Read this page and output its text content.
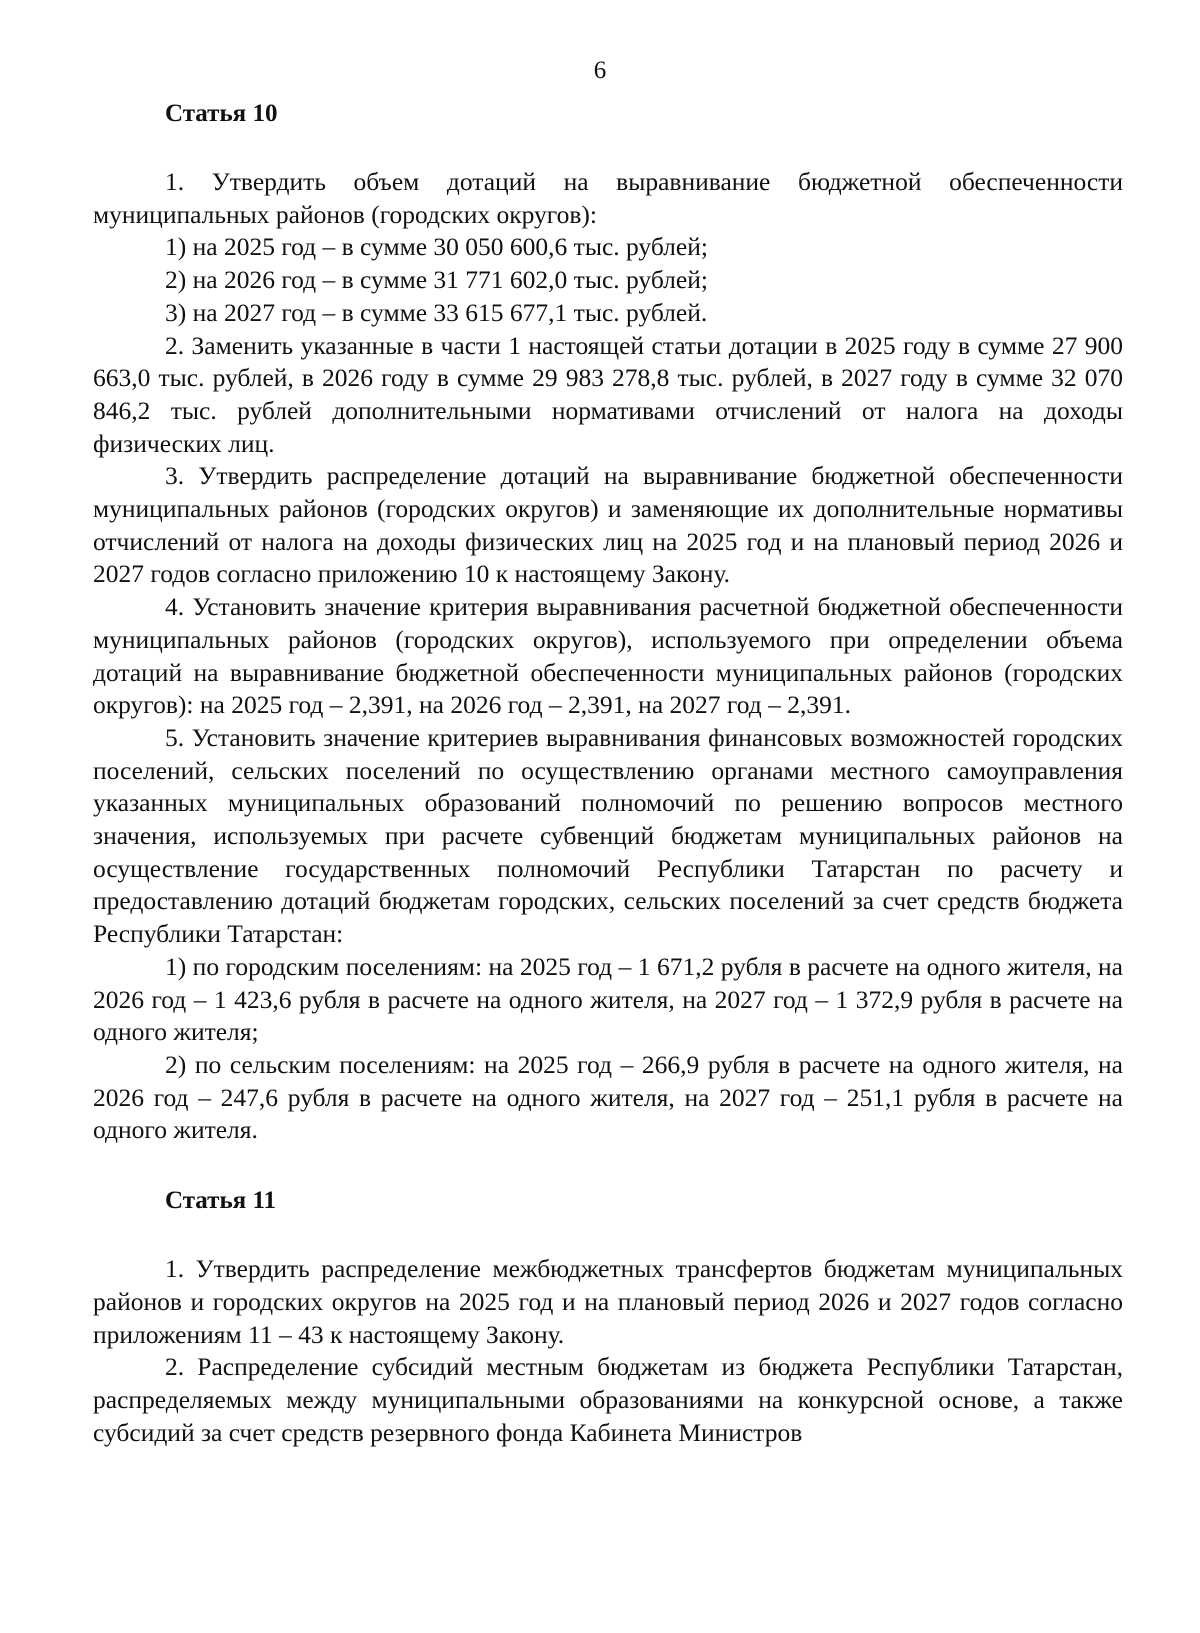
6
Статья 10

1. Утвердить объем дотаций на выравнивание бюджетной обеспеченности муниципальных районов (городских округов):

1) на 2025 год – в сумме 30 050 600,6 тыс. рублей;

2) на 2026 год – в сумме 31 771 602,0 тыс. рублей;

3) на 2027 год – в сумме 33 615 677,1 тыс. рублей.

2. Заменить указанные в части 1 настоящей статьи дотации в 2025 году в сумме 27 900 663,0 тыс. рублей, в 2026 году в сумме 29 983 278,8 тыс. рублей, в 2027 году в сумме 32 070 846,2 тыс. рублей дополнительными нормативами отчислений от налога на доходы физических лиц.

3. Утвердить распределение дотаций на выравнивание бюджетной обеспеченности муниципальных районов (городских округов) и заменяющие их дополнительные нормативы отчислений от налога на доходы физических лиц на 2025 год и на плановый период 2026 и 2027 годов согласно приложению 10 к настоящему Закону.

4. Установить значение критерия выравнивания расчетной бюджетной обеспеченности муниципальных районов (городских округов), используемого при определении объема дотаций на выравнивание бюджетной обеспеченности муниципальных районов (городских округов): на 2025 год – 2,391, на 2026 год – 2,391, на 2027 год – 2,391.

5. Установить значение критериев выравнивания финансовых возможностей городских поселений, сельских поселений по осуществлению органами местного самоуправления указанных муниципальных образований полномочий по решению вопросов местного значения, используемых при расчете субвенций бюджетам муниципальных районов на осуществление государственных полномочий Республики Татарстан по расчету и предоставлению дотаций бюджетам городских, сельских поселений за счет средств бюджета Республики Татарстан:

1) по городским поселениям: на 2025 год – 1 671,2 рубля в расчете на одного жителя, на 2026 год – 1 423,6 рубля в расчете на одного жителя, на 2027 год – 1 372,9 рубля в расчете на одного жителя;

2) по сельским поселениям: на 2025 год – 266,9 рубля в расчете на одного жителя, на 2026 год – 247,6 рубля в расчете на одного жителя, на 2027 год – 251,1 рубля в расчете на одного жителя.

Статья 11

1. Утвердить распределение межбюджетных трансфертов бюджетам муниципальных районов и городских округов на 2025 год и на плановый период 2026 и 2027 годов согласно приложениям 11 – 43 к настоящему Закону.

2. Распределение субсидий местным бюджетам из бюджета Республики Татарстан, распределяемых между муниципальными образованиями на конкурсной основе, а также субсидий за счет средств резервного фонда Кабинета Министров
